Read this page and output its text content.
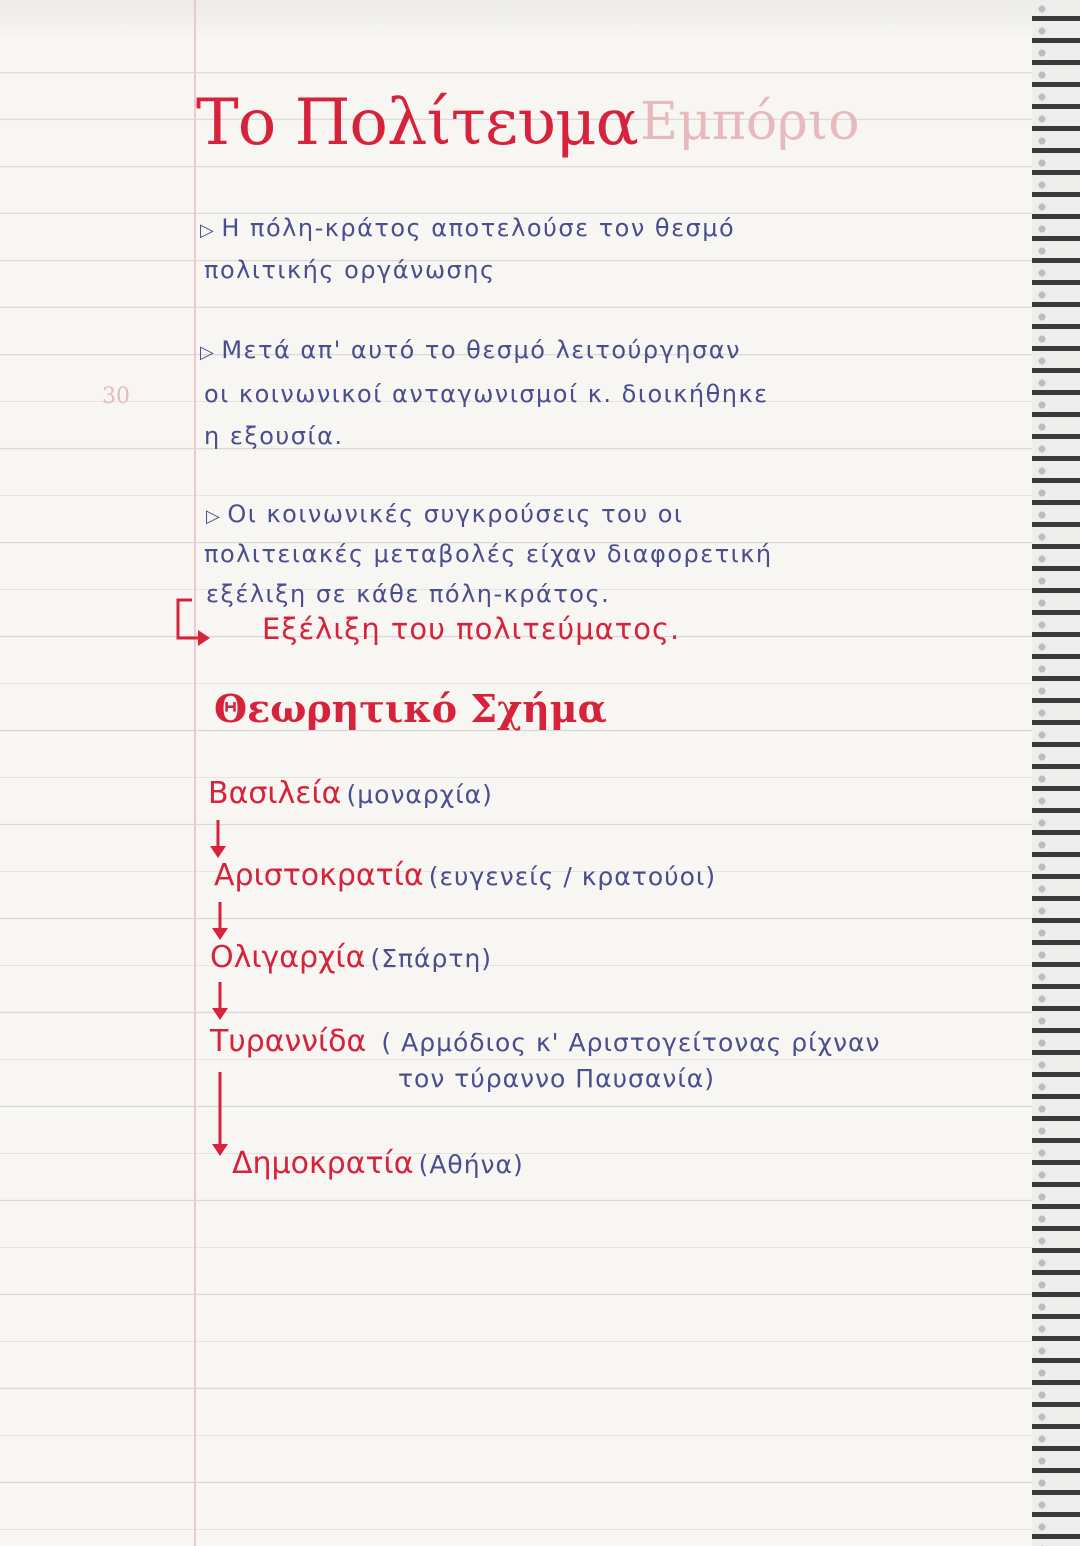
Εμπόριο
30
Το Πολίτευμα
▷ Η πόλη-κράτος αποτελούσε τον θεσμό
πολιτικής οργάνωσης
▷ Μετά απ' αυτό το θεσμό λειτούργησαν
οι κοινωνικοί ανταγωνισμοί κ. διοικήθηκε
η εξουσία.
▷ Οι κοινωνικές συγκρούσεις του οι
πολιτειακές μεταβολές είχαν διαφορετική
εξέλιξη σε κάθε πόλη-κράτος.
Εξέλιξη του πολιτεύματος.
Θεωρητικό Σχήμα
Βασιλεία (μοναρχία)
Αριστοκρατία (ευγενείς / κρατούοι)
Ολιγαρχία (Σπάρτη)
Τυραννίδα ( Αρμόδιος κ' Αριστογείτονας ρίχναν
τον τύραννο Παυσανία)
Δημοκρατία (Αθήνα)
